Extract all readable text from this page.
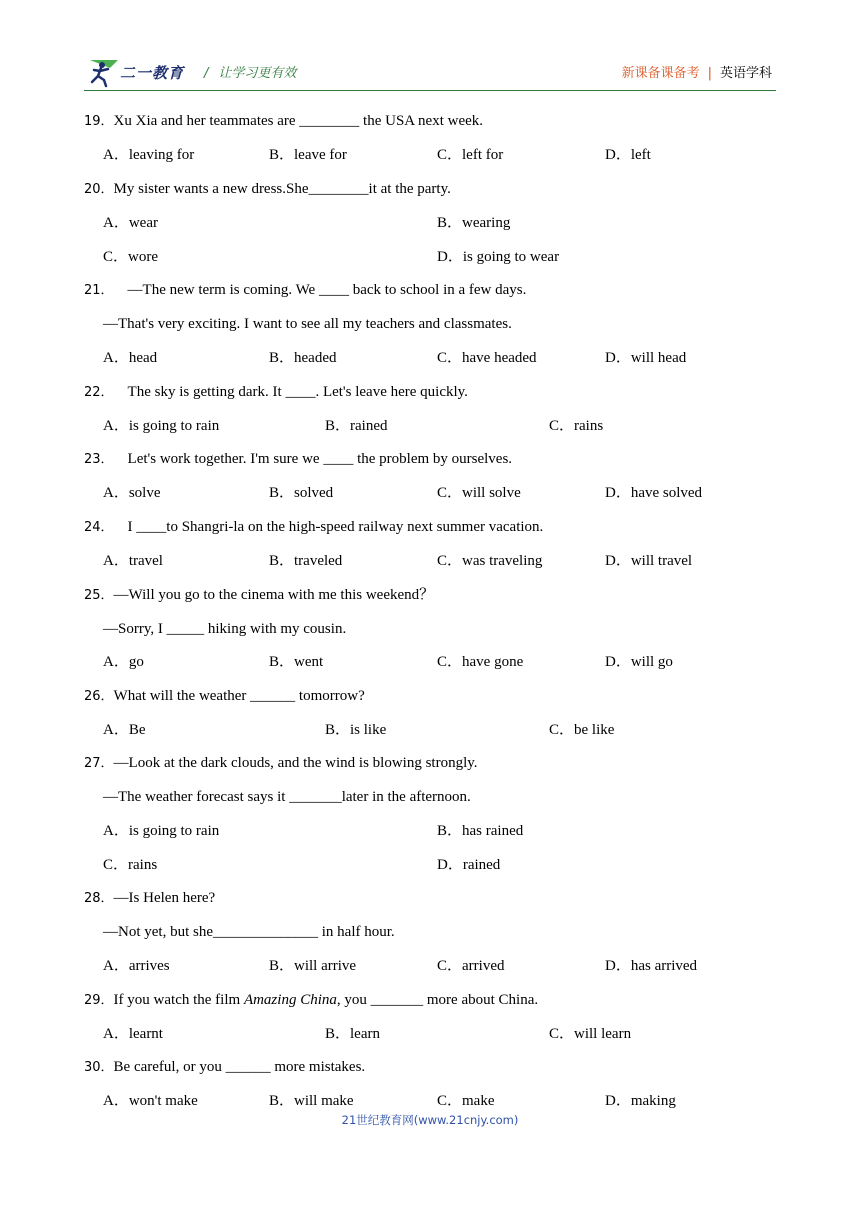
二一教育 / 让学习更有效	新课备课备考 | 英语学科
19．Xu Xia and her teammates are ________ the USA next week.
A．leaving for	B．leave for	C．left for	D．left
20．My sister wants a new dress.She________it at the party.
A．wear	B．wearing
C．wore	D．is going to wear
21． —The new term is coming. We ____ back to school in a few days.
—That's very exciting. I want to see all my teachers and classmates.
A．head	B．headed	C．have headed	D．will head
22． The sky is getting dark. It ____. Let's leave here quickly.
A．is going to rain	B．rained	C．rains
23． Let's work together. I'm sure we ____ the problem by ourselves.
A．solve	B．solved	C．will solve	D．have solved
24． I ____to Shangri-la on the high-speed railway next summer vacation.
A．travel	B．traveled	C．was traveling	D．will travel
25．—Will you go to the cinema with me this weekend？
—Sorry, I _____ hiking with my cousin.
A．go	B．went	C．have gone	D．will go
26．What will the weather ______ tomorrow?
A．Be	B．is like	C．be like
27．—Look at the dark clouds, and the wind is blowing strongly.
—The weather forecast says it _______later in the afternoon.
A．is going to rain	B．has rained
C．rains	D．rained
28．—Is Helen here?
—Not yet, but she______________ in half hour.
A．arrives	B．will arrive	C．arrived	D．has arrived
29．If you watch the film Amazing China, you _______ more about China.
A．learnt	B．learn	C．will learn
30．Be careful, or you ______ more mistakes.
A．won't make	B．will make	C．make	D．making
21世纪教育网(www.21cnjy.com)
